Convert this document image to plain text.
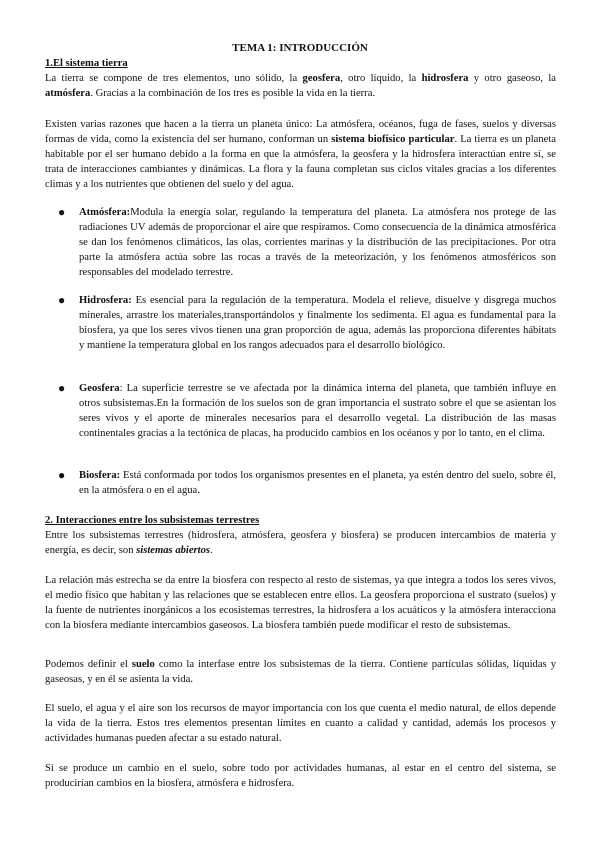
TEMA 1: INTRODUCCIÓN
1.El sistema tierra

La tierra se compone de tres elementos, uno sólido, la geosfera, otro líquido, la hidrosfera y otro gaseoso, la atmósfera. Gracias a la combinación de los tres es posible la vida en la tierra.

Existen varias razones que hacen a la tierra un planeta único: La atmósfera, océanos, fuga de fases, suelos y diversas formas de vida, como la existencia del ser humano, conforman un sistema biofísico particular. La tierra es un planeta habitable por el ser humano debido a la forma en que la atmósfera, la geosfera y la hidrosfera interactúan entre sí, se trata de interacciones cambiantes y dinámicas. La flora y la fauna completan sus ciclos vitales gracias a los diferentes climas y a los nutrientes que obtienen del suelo y del agua.

● Atmósfera:Modula la energía solar, regulando la temperatura del planeta. La atmósfera nos protege de las radiaciones UV además de proporcionar el aire que respiramos. Como consecuencia de la dinámica atmosférica se dan los fenómenos climáticos, las olas, corrientes marinas y la distribución de las precipitaciones. Por otra parte la atmósfera actúa sobre las rocas a través de la meteorización, y los fenómenos atmosféricos son responsables del modelado terrestre.

● Hidrosfera: Es esencial para la regulación de la temperatura. Modela el relieve, disuelve y disgrega muchos minerales, arrastre los materiales,transportándolos y finalmente los sedimenta. El agua es fundamental para la biosfera, ya que los seres vivos tienen una gran proporción de agua, además las proporciona diferentes hábitats y mantiene la temperatura global en los rangos adecuados para el desarrollo biológico.

● Geosfera: La superficie terrestre se ve afectada por la dinámica interna del planeta, que también influye en otros subsistemas.En la formación de los suelos son de gran importancia el sustrato sobre el que se asientan los seres vivos y el aporte de minerales necesarios para el desarrollo vegetal. La distribución de las masas continentales gracias a la tectónica de placas, ha producido cambios en los océanos y por lo tanto, en el clima.

● Biosfera: Está conformada por todos los organismos presentes en el planeta, ya estén dentro del suelo, sobre él, en la atmósfera o en el agua.

2. Interacciones entre los subsistemas terrestres

Entre los subsistemas terrestres (hidrosfera, atmósfera, geosfera y biosfera) se producen intercambios de materia y energía, es decir, son sistemas abiertos.

La relación más estrecha se da entre la biosfera con respecto al resto de sistemas, ya que integra a todos los seres vivos, el medio físico que habitan y las relaciones que se establecen entre ellos. La geosfera proporciona el sustrato (suelos) y la fuente de nutrientes inorgánicos a los ecosistemas terrestres, la hidrosfera a los acuáticos y la atmósfera interacciona con la biosfera mediante intercambios gaseosos. La biosfera también puede modificar el resto de subsistemas.

Podemos definir el suelo como la interfase entre los subsistemas de la tierra. Contiene partículas sólidas, líquidas y gaseosas, y en él se asienta la vida.

El suelo, el agua y el aire son los recursos de mayor importancia con los que cuenta el medio natural, de ellos depende la vida de la tierra. Estos tres elementos presentan límites en cuanto a calidad y cantidad, además los procesos y actividades humanas pueden afectar a su estado natural.

Si se produce un cambio en el suelo, sobre todo por actividades humanas, al estar en el centro del sistema, se producirían cambios en la biosfera, atmósfera e hidrosfera.
